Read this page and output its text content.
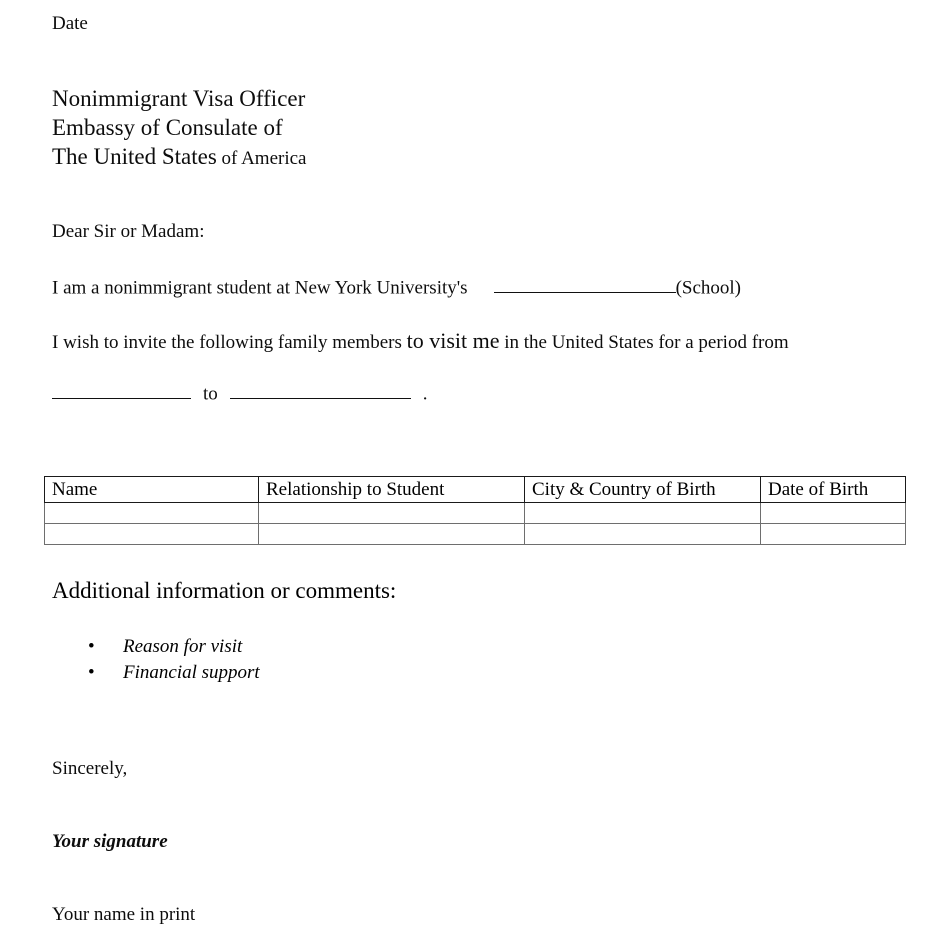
Date
Nonimmigrant Visa Officer
Embassy of Consulate of
The United States of America
Dear Sir or Madam:
I am a nonimmigrant student at New York University's	(School)
I wish to invite the following family members to visit me in the United States for a period from
to	.
Name	Relationship to Student	City & Country of Birth	Date of Birth

Additional information or comments:
• Reason for visit
• Financial support
Sincerely,
Your signature
Your name in print
